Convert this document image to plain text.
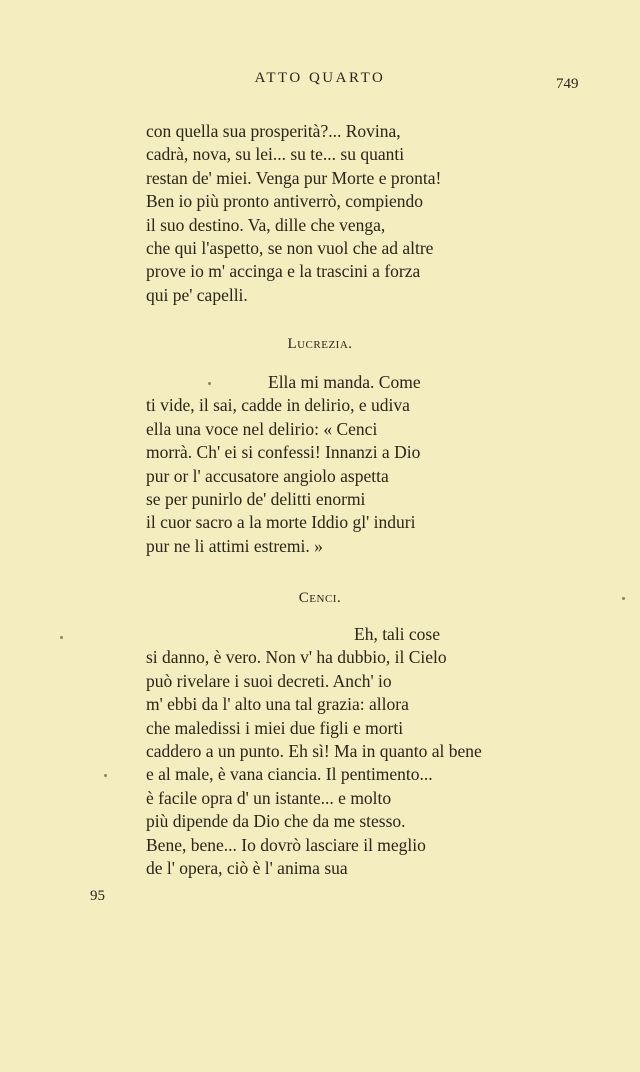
ATTO QUARTO	749
con quella sua prosperità?... Rovina,
cadrà, nova, su lei... su te... su quanti
restan de' miei. Venga pur Morte e pronta!
Ben io più pronto antiverrò, compiendo
il suo destino. Va, dille che venga,
che qui l'aspetto, se non vuol che ad altre
prove io m' accinga e la trascini a forza
qui pe' capelli.
Lucrezia.
Ella mi manda. Come
ti vide, il sai, cadde in delirio, e udiva
ella una voce nel delirio: « Cenci
morrà. Ch' ei si confessi! Innanzi a Dio
pur or l' accusatore angiolo aspetta
se per punirlo de' delitti enormi
il cuor sacro a la morte Iddio gl' induri
pur ne li attimi estremi. »
Cenci.
Eh, tali cose
si danno, è vero. Non v' ha dubbio, il Cielo
può rivelare i suoi decreti. Anch' io
m' ebbi da l' alto una tal grazia: allora
che maledissi i miei due figli e morti
caddero a un punto. Eh sì! Ma in quanto al bene
e al male, è vana ciancia. Il pentimento...
è facile opra d' un istante... e molto
più dipende da Dio che da me stesso.
Bene, bene... Io dovrò lasciare il meglio
de l' opera, ciò è l' anima sua
95
